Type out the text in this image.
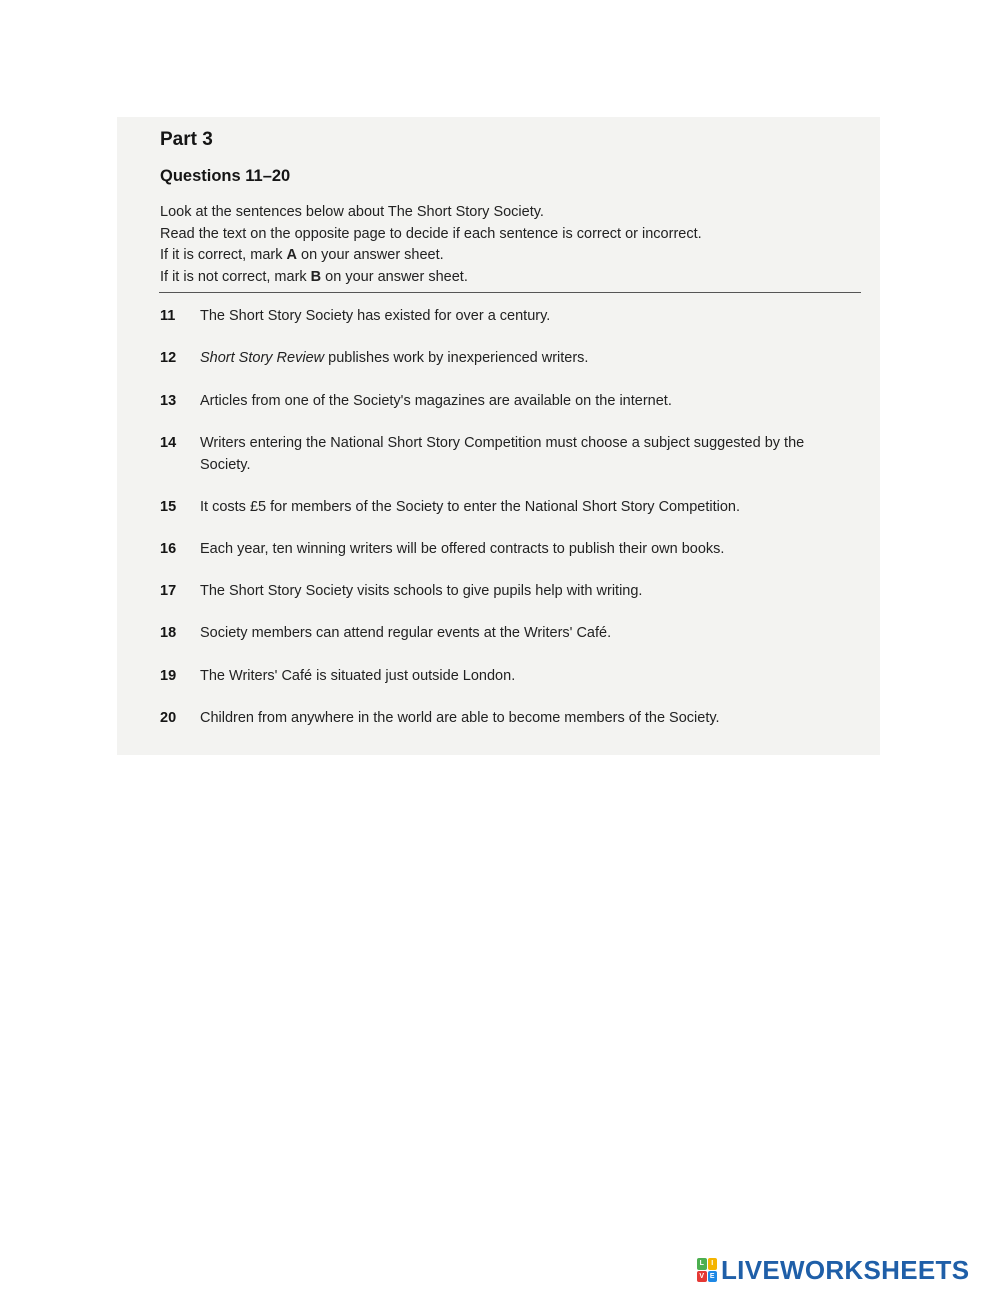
Part 3
Questions 11–20
Look at the sentences below about The Short Story Society.
Read the text on the opposite page to decide if each sentence is correct or incorrect.
If it is correct, mark A on your answer sheet.
If it is not correct, mark B on your answer sheet.
11 The Short Story Society has existed for over a century.
12 Short Story Review publishes work by inexperienced writers.
13 Articles from one of the Society's magazines are available on the internet.
14 Writers entering the National Short Story Competition must choose a subject suggested by the Society.
15 It costs £5 for members of the Society to enter the National Short Story Competition.
16 Each year, ten winning writers will be offered contracts to publish their own books.
17 The Short Story Society visits schools to give pupils help with writing.
18 Society members can attend regular events at the Writers' Café.
19 The Writers' Café is situated just outside London.
20 Children from anywhere in the world are able to become members of the Society.
L	I
V E LIVEWORKSHEETS
